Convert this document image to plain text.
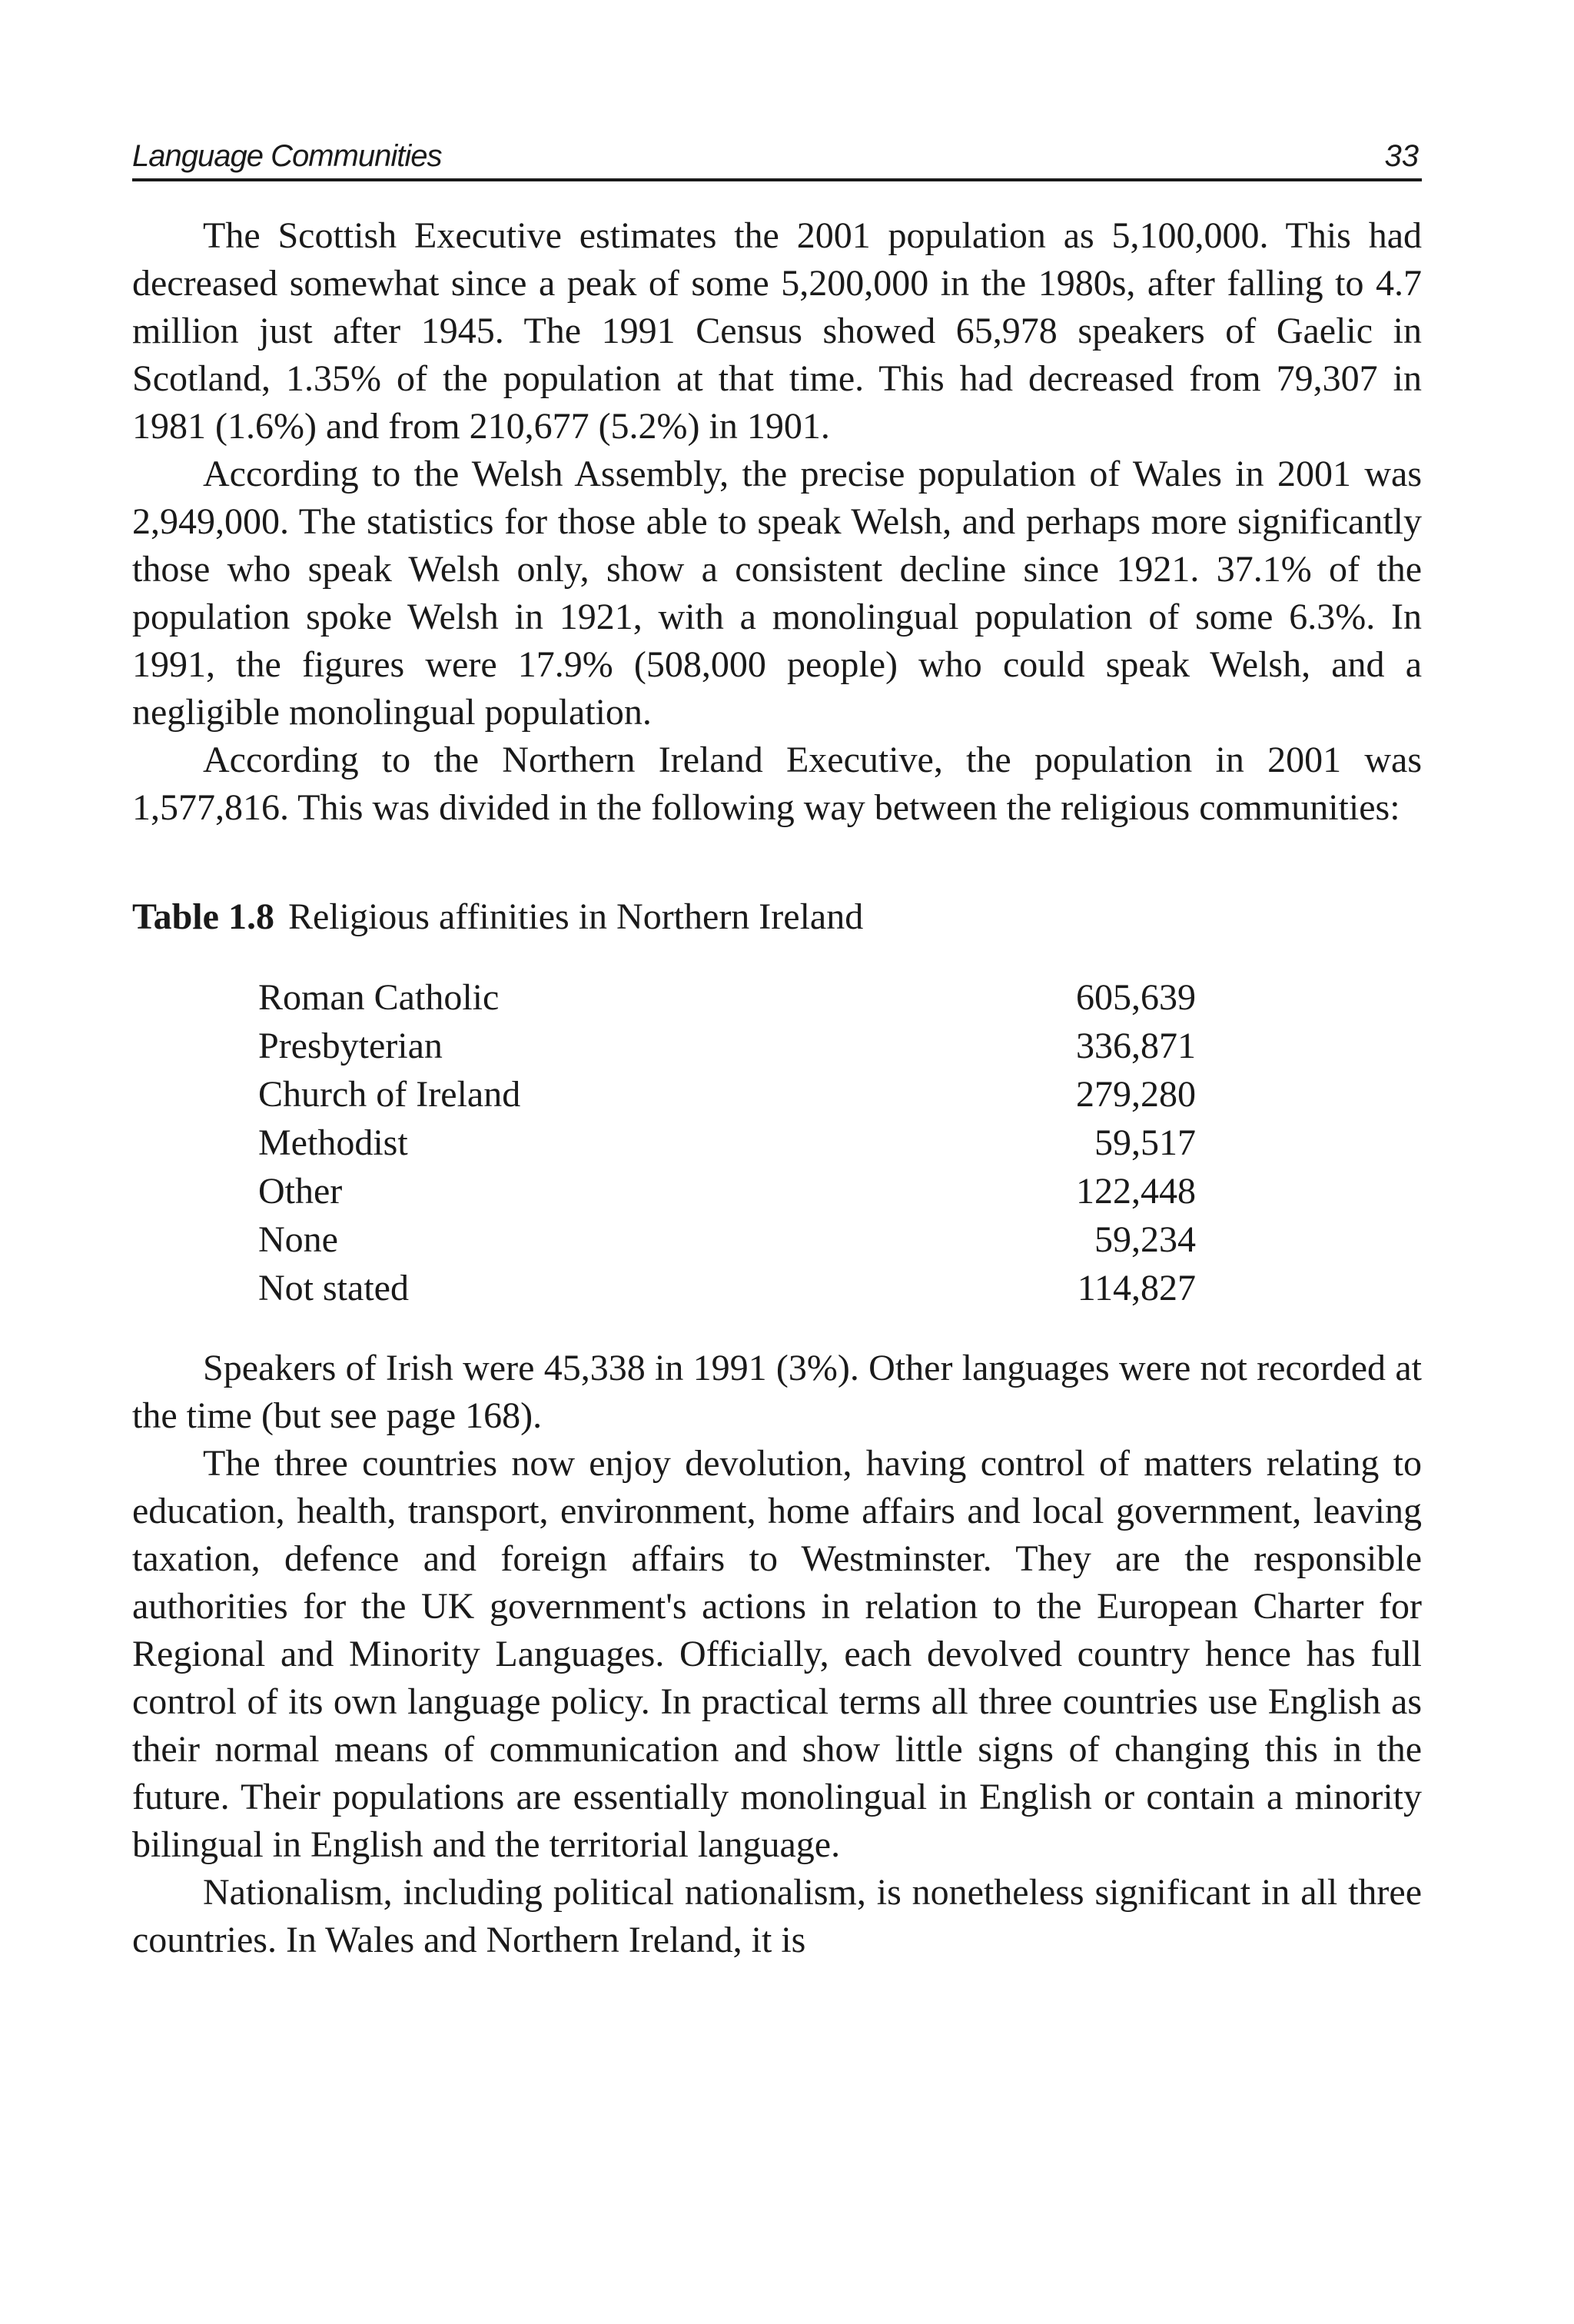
Language Communities	33

The Scottish Executive estimates the 2001 population as 5,100,000. This had decreased somewhat since a peak of some 5,200,000 in the 1980s, after falling to 4.7 million just after 1945. The 1991 Census showed 65,978 speakers of Gaelic in Scotland, 1.35% of the population at that time. This had decreased from 79,307 in 1981 (1.6%) and from 210,677 (5.2%) in 1901.

According to the Welsh Assembly, the precise population of Wales in 2001 was 2,949,000. The statistics for those able to speak Welsh, and perhaps more significantly those who speak Welsh only, show a consistent decline since 1921. 37.1% of the population spoke Welsh in 1921, with a monolingual population of some 6.3%. In 1991, the figures were 17.9% (508,000 people) who could speak Welsh, and a negligible monolingual population.

According to the Northern Ireland Executive, the population in 2001 was 1,577,816. This was divided in the following way between the religious communities:

Table 1.8 Religious affinities in Northern Ireland
Roman Catholic	605,639
Presbyterian	336,871
Church of Ireland	279,280
Methodist	59,517
Other	122,448
None	59,234
Not stated	114,827

Speakers of Irish were 45,338 in 1991 (3%). Other languages were not recorded at the time (but see page 168).

The three countries now enjoy devolution, having control of matters relating to education, health, transport, environment, home affairs and local government, leaving taxation, defence and foreign affairs to Westminster. They are the responsible authorities for the UK government's actions in relation to the European Charter for Regional and Minority Languages. Officially, each devolved country hence has full control of its own language policy. In practical terms all three countries use English as their normal means of communication and show little signs of changing this in the future. Their populations are essentially monolingual in English or contain a minority bilingual in English and the territorial language.

Nationalism, including political nationalism, is nonetheless significant in all three countries. In Wales and Northern Ireland, it is
